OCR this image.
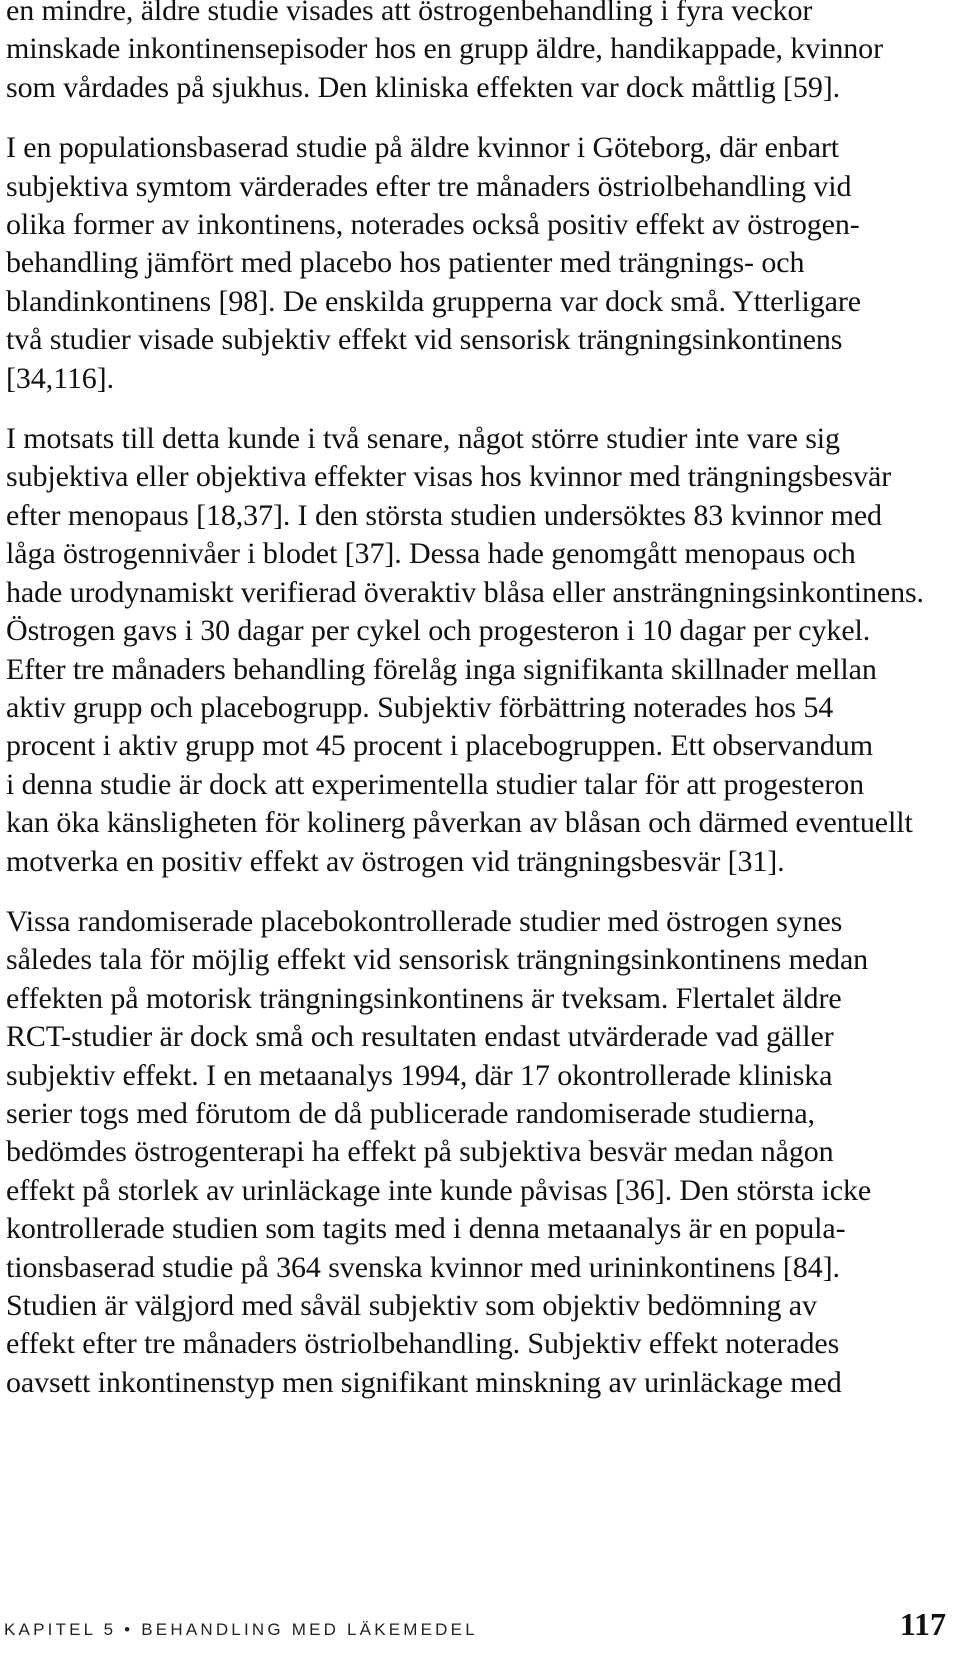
en mindre, äldre studie visades att östrogenbehandling i fyra veckor
minskade inkontinensepisoder hos en grupp äldre, handikappade, kvinnor
som vårdades på sjukhus. Den kliniska effekten var dock måttlig [59].

I en populationsbaserad studie på äldre kvinnor i Göteborg, där enbart
subjektiva symtom värderades efter tre månaders östriolbehandling vid
olika former av inkontinens, noterades också positiv effekt av östrogen-
behandling jämfört med placebo hos patienter med trängnings- och
blandinkontinens [98]. De enskilda grupperna var dock små. Ytterligare
två studier visade subjektiv effekt vid sensorisk trängningsinkontinens
[34,116].

I motsats till detta kunde i två senare, något större studier inte vare sig
subjektiva eller objektiva effekter visas hos kvinnor med trängningsbesvär
efter menopaus [18,37]. I den största studien undersöktes 83 kvinnor med
låga östrogennivåer i blodet [37]. Dessa hade genomgått menopaus och
hade urodynamiskt verifierad överaktiv blåsa eller ansträngningsinkontinens.
Östrogen gavs i 30 dagar per cykel och progesteron i 10 dagar per cykel.
Efter tre månaders behandling förelåg inga signifikanta skillnader mellan
aktiv grupp och placebogrupp. Subjektiv förbättring noterades hos 54
procent i aktiv grupp mot 45 procent i placebogruppen. Ett observandum
i denna studie är dock att experimentella studier talar för att progesteron
kan öka känsligheten för kolinerg påverkan av blåsan och därmed eventuellt
motverka en positiv effekt av östrogen vid trängningsbesvär [31].

Vissa randomiserade placebokontrollerade studier med östrogen synes
således tala för möjlig effekt vid sensorisk trängningsinkontinens medan
effekten på motorisk trängningsinkontinens är tveksam. Flertalet äldre
RCT-studier är dock små och resultaten endast utvärderade vad gäller
subjektiv effekt. I en metaanalys 1994, där 17 okontrollerade kliniska
serier togs med förutom de då publicerade randomiserade studierna,
bedömdes östrogenterapi ha effekt på subjektiva besvär medan någon
effekt på storlek av urinläckage inte kunde påvisas [36]. Den största icke
kontrollerade studien som tagits med i denna metaanalys är en popula-
tionsbaserad studie på 364 svenska kvinnor med urininkontinens [84].
Studien är välgjord med såväl subjektiv som objektiv bedömning av
effekt efter tre månaders östriolbehandling. Subjektiv effekt noterades
oavsett inkontinenstyp men signifikant minskning av urinläckage med

KAPITEL 5 • BEHANDLING MED LÄKEMEDEL	117
